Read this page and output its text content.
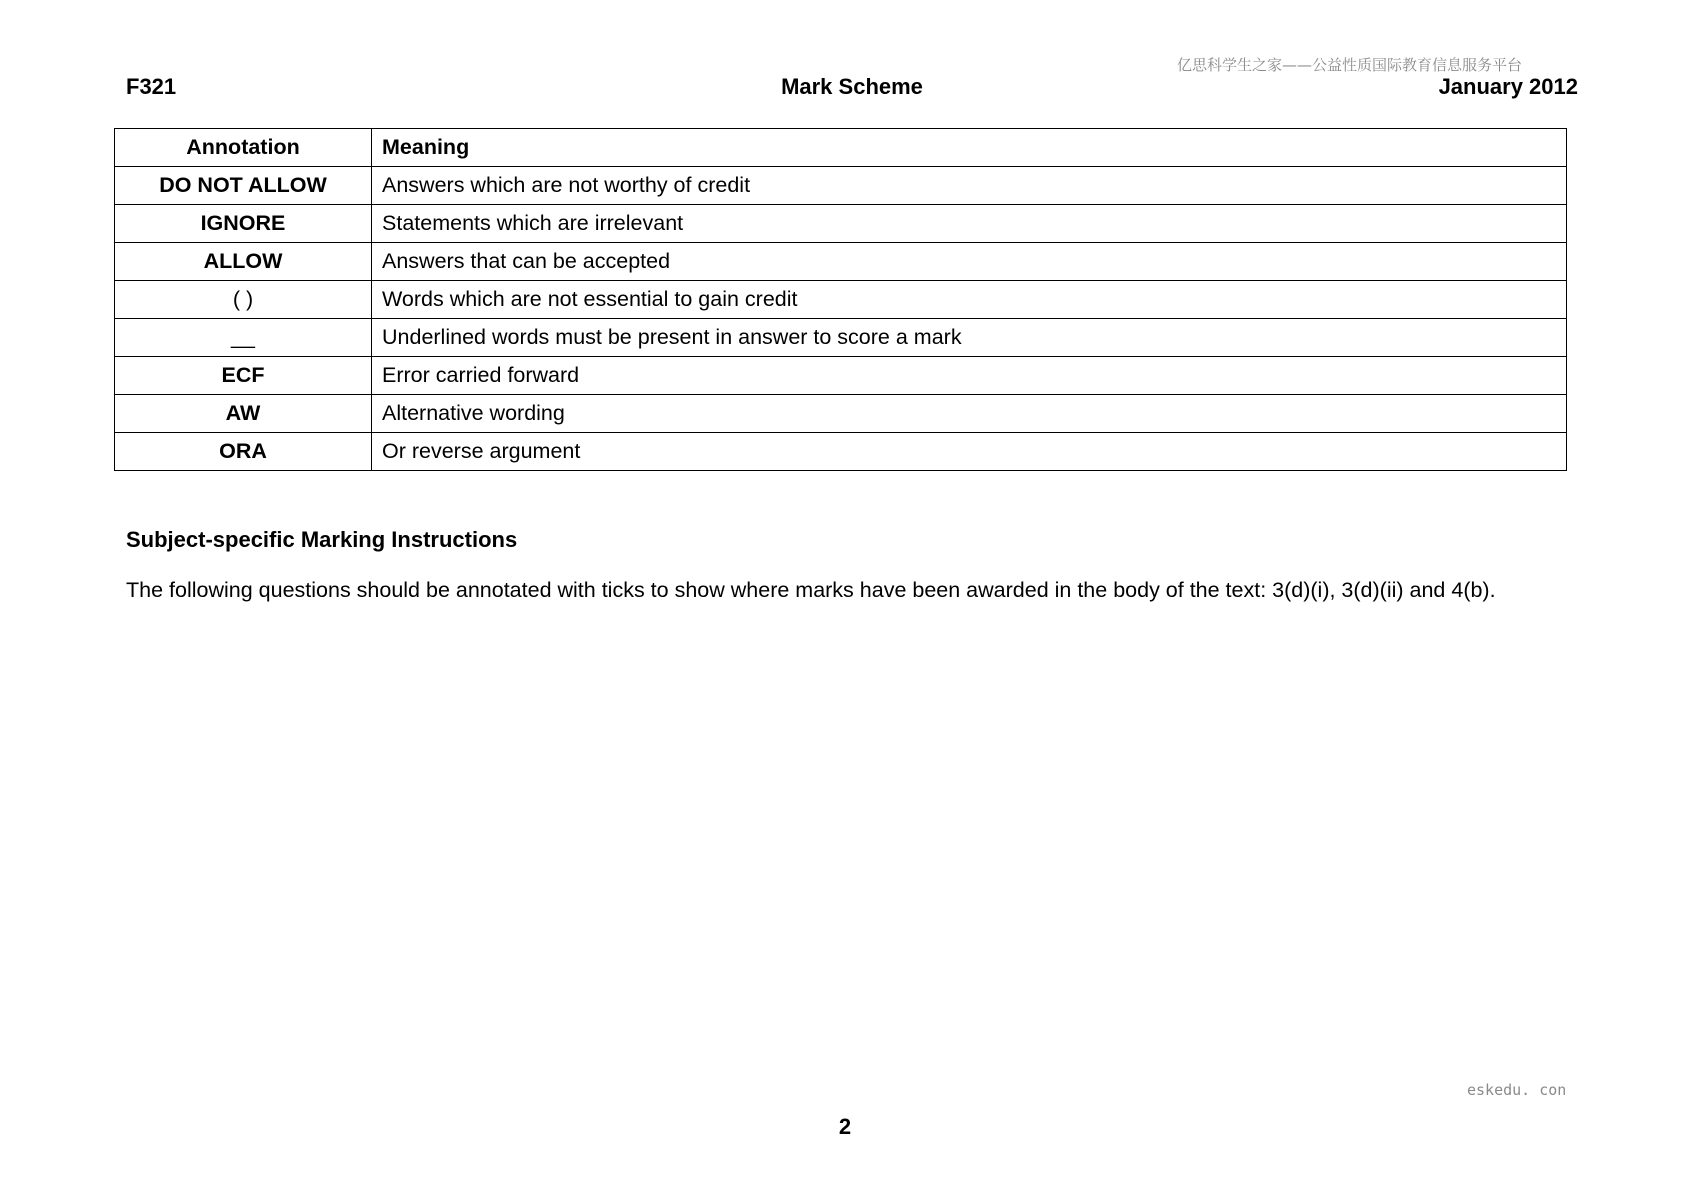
亿思科学生之家——公益性质国际教育信息服务平台
F321	Mark Scheme	January 2012
Annotation	Meaning
DO NOT ALLOW	Answers which are not worthy of credit
IGNORE	Statements which are irrelevant
ALLOW	Answers that can be accepted
( )	Words which are not essential to gain credit
__	Underlined words must be present in answer to score a mark
ECF	Error carried forward
AW	Alternative wording
ORA	Or reverse argument
Subject-specific Marking Instructions
The following questions should be annotated with ticks to show where marks have been awarded in the body of the text: 3(d)(i), 3(d)(ii) and 4(b).
eskedu. con
2
